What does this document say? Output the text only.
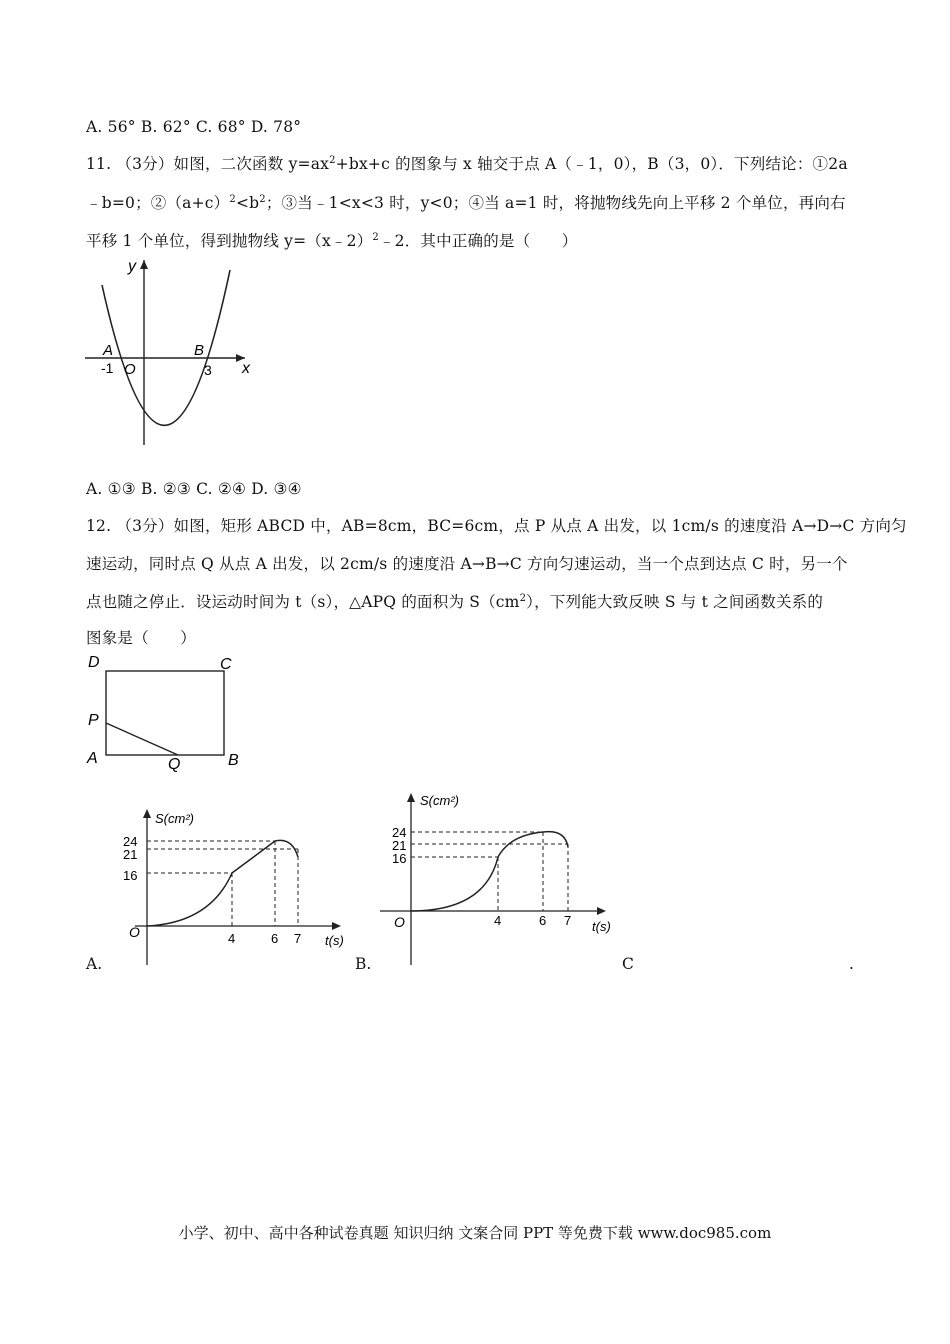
A. 56° B. 62° C. 68° D. 78°
11. （3分）如图，二次函数 $y=ax^2+bx+c$ 的图象与 x 轴交于点 A（﹣1，0），B（3，0）．下列结论：①2a
﹣b=0；$②(a+c)^2<b^2$；③当﹣1<x<3 时，y<0；④当 a=1 时，将抛物线先向上平移 2 个单位，再向右
平移 1 个单位，得到抛物线 y=（x﹣2）$^2$﹣2．其中正确的是（　　）
y
x
A	B
O
-1	3
A. ①③ B. ②③ C. ②④ D. ③④
12. （3分）如图，矩形 ABCD 中，AB=8cm，BC=6cm，点 P 从点 A 出发，以 1cm/s 的速度沿 A→D→C 方向匀
速运动，同时点 Q 从点 A 出发，以 2cm/s 的速度沿 A→B→C 方向匀速运动，当一个点到达点 C 时，另一个
点也随之停止．设运动时间为 t（s），△APQ 的面积为 $S(cm^2)$，下列能大致反映 S 与 t 之间函数关系的
图象是（　　）
D	C
P
A	Q	B
S(cm²)
t(s)
O
24
21
16
4	6 7
A.
S(cm²)
t(s)
O
24
21
16
4	6 7
B.	C	.
小学、初中、高中各种试卷真题 知识归纳 文案合同 PPT 等免费下载 www.doc985.com
